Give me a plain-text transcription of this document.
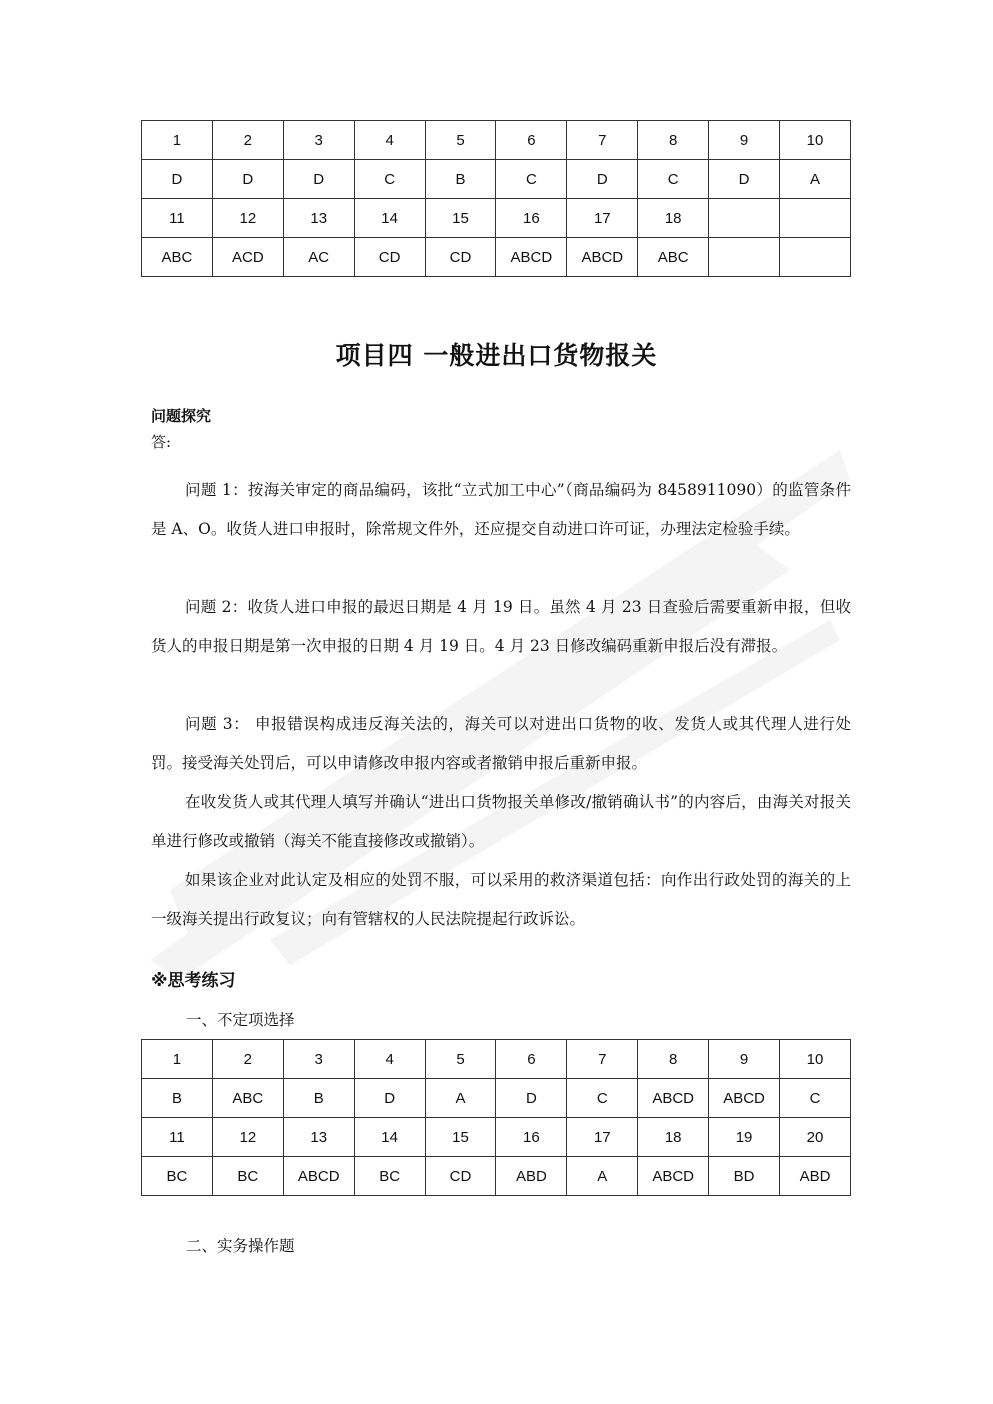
1	2	3	4	5	6	7	8	9	10
D	D	D	C	B	C	D	C	D	A
11	12	13	14	15	16	17	18		
ABC	ACD	AC	CD	CD	ABCD	ABCD	ABC		
项目四 一般进出口货物报关
问题探究
答:

问题 1：按海关审定的商品编码，该批“立式加工中心”（商品编码为 8458911090）的监管条件是 A、O。收货人进口申报时，除常规文件外，还应提交自动进口许可证，办理法定检验手续。

问题 2：收货人进口申报的最迟日期是 4 月 19 日。虽然 4 月 23 日查验后需要重新申报，但收货人的申报日期是第一次申报的日期 4 月 19 日。4 月 23 日修改编码重新申报后没有滞报。

问题 3： 申报错误构成违反海关法的，海关可以对进出口货物的收、发货人或其代理人进行处罚。接受海关处罚后，可以申请修改申报内容或者撤销申报后重新申报。

在收发货人或其代理人填写并确认“进出口货物报关单修改/撤销确认书”的内容后，由海关对报关单进行修改或撤销（海关不能直接修改或撤销）。

如果该企业对此认定及相应的处罚不服，可以采用的救济渠道包括：向作出行政处罚的海关的上一级海关提出行政复议；向有管辖权的人民法院提起行政诉讼。

※思考练习
一、不定项选择
1	2	3	4	5	6	7	8	9	10
B	ABC	B	D	A	D	C	ABCD	ABCD	C
11	12	13	14	15	16	17	18	19	20
BC	BC	ABCD	BC	CD	ABD	A	ABCD	BD	ABD
二、实务操作题
